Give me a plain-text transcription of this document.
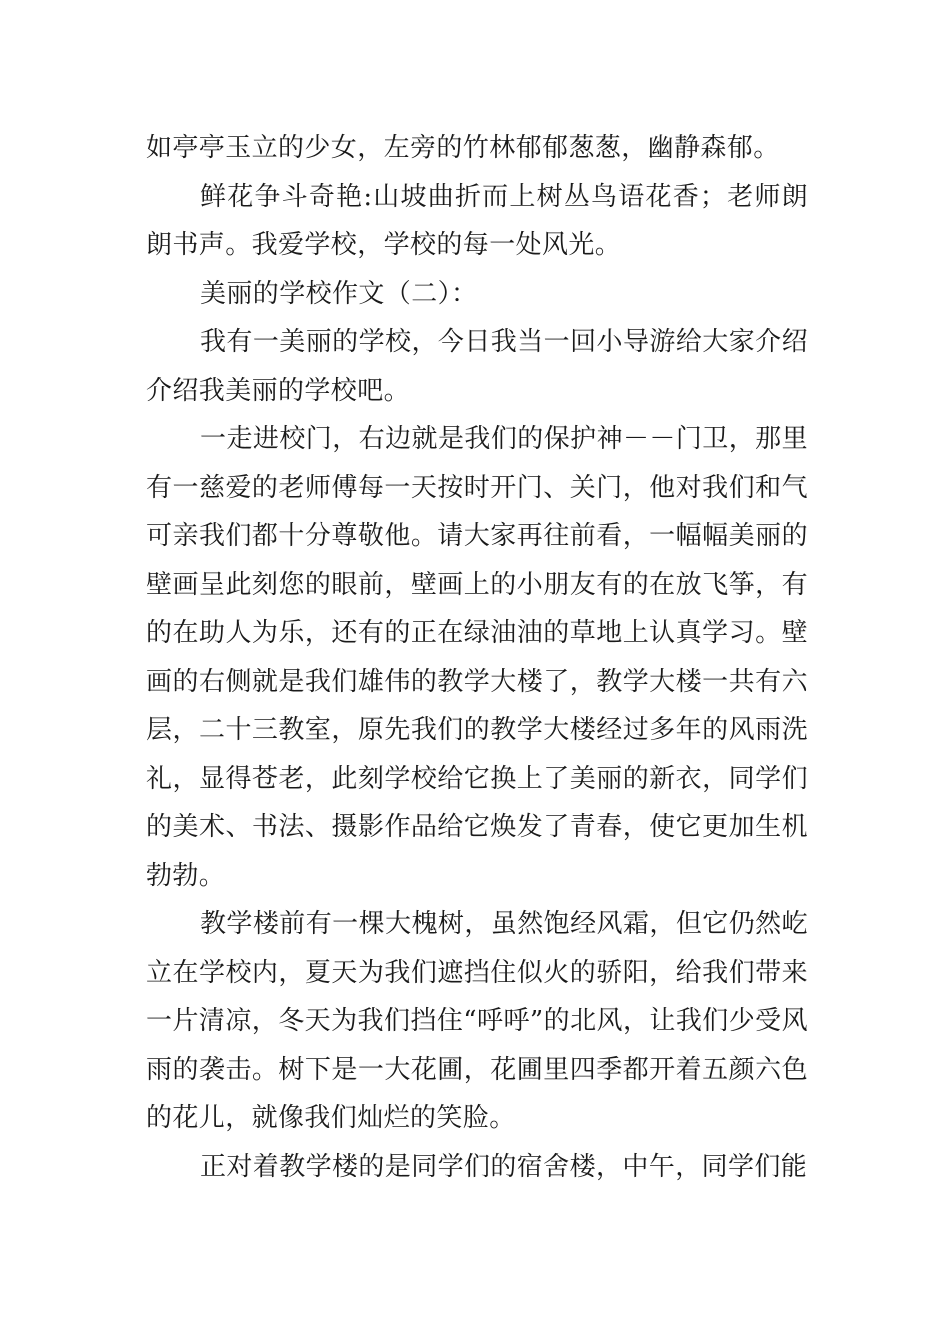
如亭亭玉立的少女，左旁的竹林郁郁葱葱，幽静森郁。

鲜花争斗奇艳:山坡曲折而上树丛鸟语花香；老师朗朗书声。我爱学校，学校的每一处风光。

美丽的学校作文（二）：

我有一美丽的学校，今日我当一回小导游给大家介绍介绍我美丽的学校吧。

一走进校门，右边就是我们的保护神－－门卫，那里有一慈爱的老师傅每一天按时开门、关门，他对我们和气可亲我们都十分尊敬他。请大家再往前看，一幅幅美丽的壁画呈此刻您的眼前，壁画上的小朋友有的在放飞筝，有的在助人为乐，还有的正在绿油油的草地上认真学习。壁画的右侧就是我们雄伟的教学大楼了，教学大楼一共有六层，二十三教室，原先我们的教学大楼经过多年的风雨洗礼，显得苍老，此刻学校给它换上了美丽的新衣，同学们的美术、书法、摄影作品给它焕发了青春，使它更加生机勃勃。

教学楼前有一棵大槐树，虽然饱经风霜，但它仍然屹立在学校内，夏天为我们遮挡住似火的骄阳，给我们带来一片清凉，冬天为我们挡住“呼呼”的北风，让我们少受风雨的袭击。树下是一大花圃，花圃里四季都开着五颜六色的花儿，就像我们灿烂的笑脸。

正对着教学楼的是同学们的宿舍楼，中午，同学们能
